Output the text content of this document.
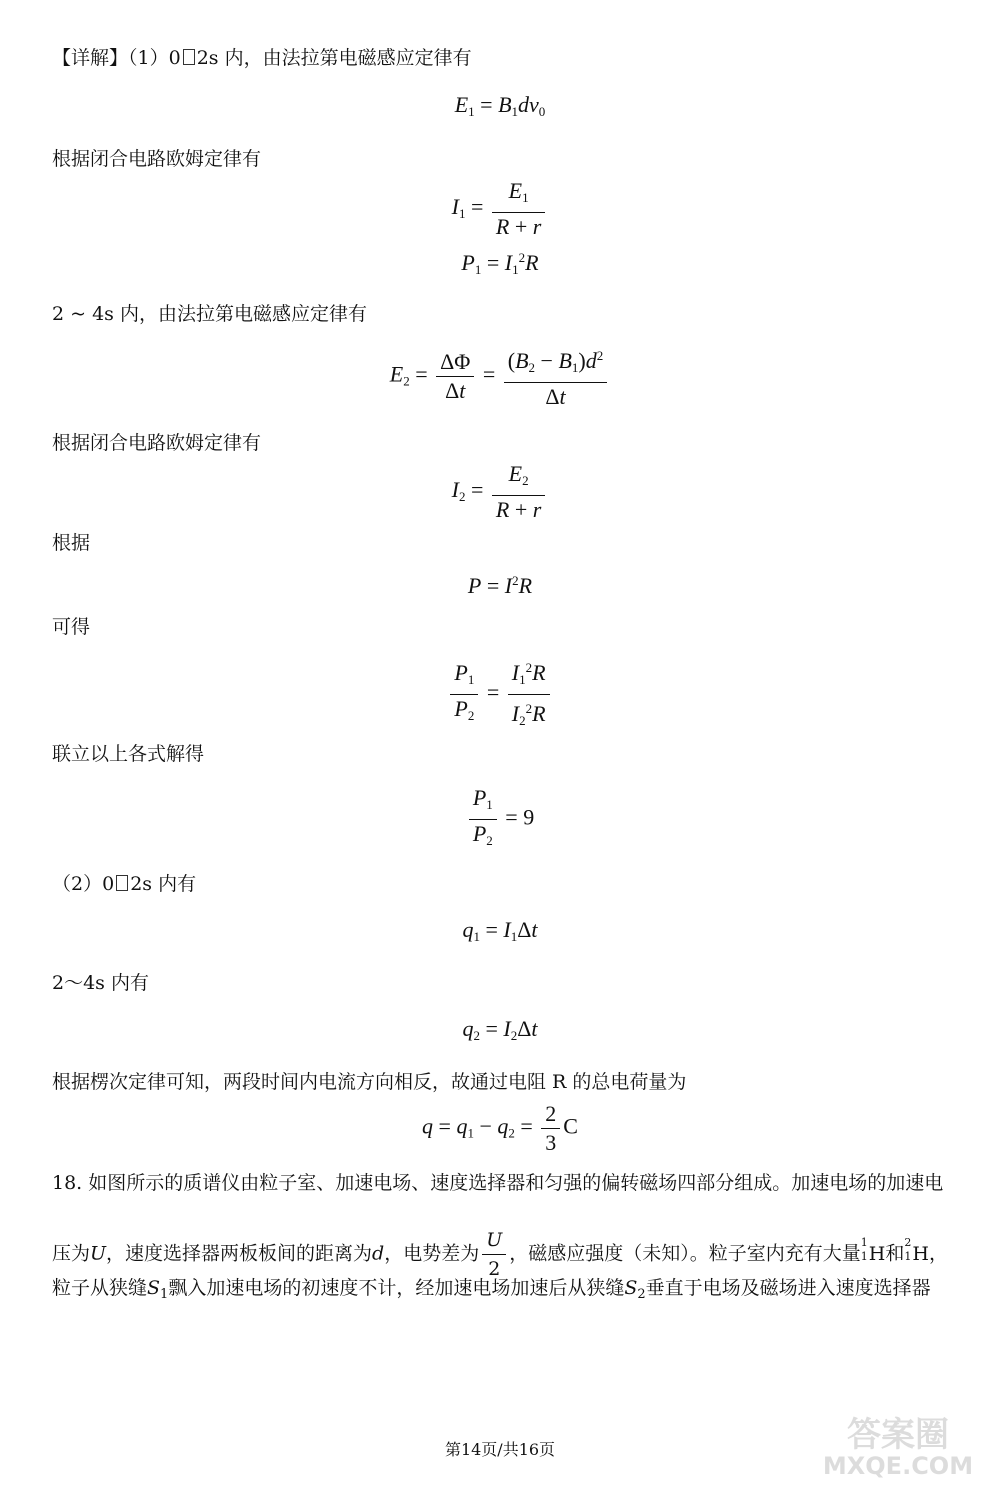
【详解】（1）0 2s 内，由法拉第电磁感应定律有
$E_1 = B_1dv_0$
根据闭合电路欧姆定律有
$I_1 = \frac{E_1}{R + r}$
$P_1 = I_1^2R$
2 ~ 4s 内，由法拉第电磁感应定律有
$E_2 = \frac{\Delta\Phi}{\Delta t} = \frac{(B_2 - B_1)d^2}{\Delta t}$
根据闭合电路欧姆定律有
$I_2 = \frac{E_2}{R + r}$
根据
$P = I^2R$
可得
$\frac{P_1}{P_2} = \frac{I_1^2R}{I_2^2R}$
联立以上各式解得
$\frac{P_1}{P_2} = 9$
（2）0 2s 内有
$q_1 = I_1\Delta t$
2～4s 内有
$q_2 = I_2\Delta t$
根据楞次定律可知，两段时间内电流方向相反，故通过电阻 R 的总电荷量为
$q = q_1 - q_2 = \frac{2}{3}$ C
18. 如图所示的质谱仪由粒子室、加速电场、速度选择器和匀强的偏转磁场四部分组成。加速电场的加速电
压为U，速度选择器两板板间的距离为d，电势差为 $\frac{U}{2}$ ，磁感应强度（未知）。粒子室内充有大量
1
1 H和
2
1 H，
粒子从狭缝$S_1$飘入加速电场的初速度不计，经加速电场加速后从狭缝$S_2$垂直于电场及磁场进入速度选择器
第14页/共16页	答案圈
MXQE.COM
